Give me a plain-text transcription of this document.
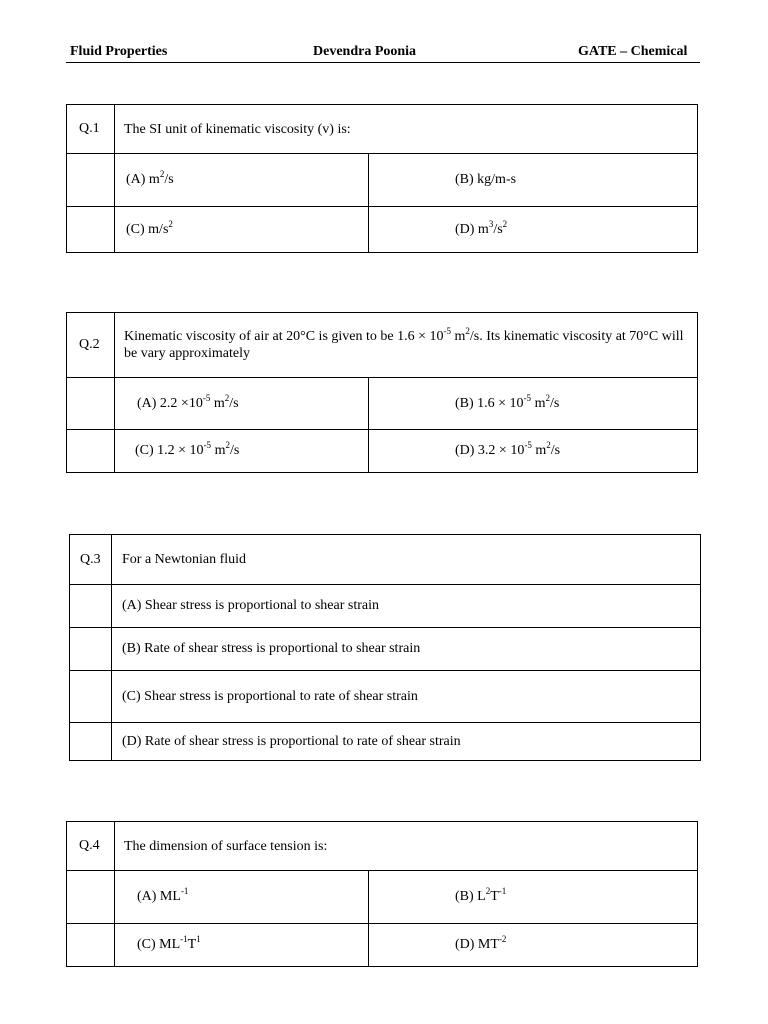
Fluid Properties	Devendra Poonia	GATE – Chemical
Q.1	The SI unit of kinematic viscosity (v) is:	
	(A) $m^2/s$	(B) kg/m-s
	(C) $m/s^2$	(D) $m^3/s^2$
Q.2	Kinematic viscosity of air at 20°C is given to be $1.6 \times 10^{-5}$ $m^2/s$. Its kinematic viscosity at 70°C will be vary approximately	
	(A) $2.2 \times 10^{-5}$ $m^2/s$	(B) $1.6 \times 10^{-5}$ $m^2/s$
	(C) $1.2 \times 10^{-5}$ $m^2/s$	(D) $3.2 \times 10^{-5}$ $m^2/s$
Q.3	For a Newtonian fluid
	(A) Shear stress is proportional to shear strain
	(B) Rate of shear stress is proportional to shear strain
	(C) Shear stress is proportional to rate of shear strain
	(D) Rate of shear stress is proportional to rate of shear strain
Q.4	The dimension of surface tension is:	
	(A) $ML^{-1}$	(B) $L^2T^{-1}$
	(C) $ML^{-1}T^1$	(D) $MT^{-2}$
